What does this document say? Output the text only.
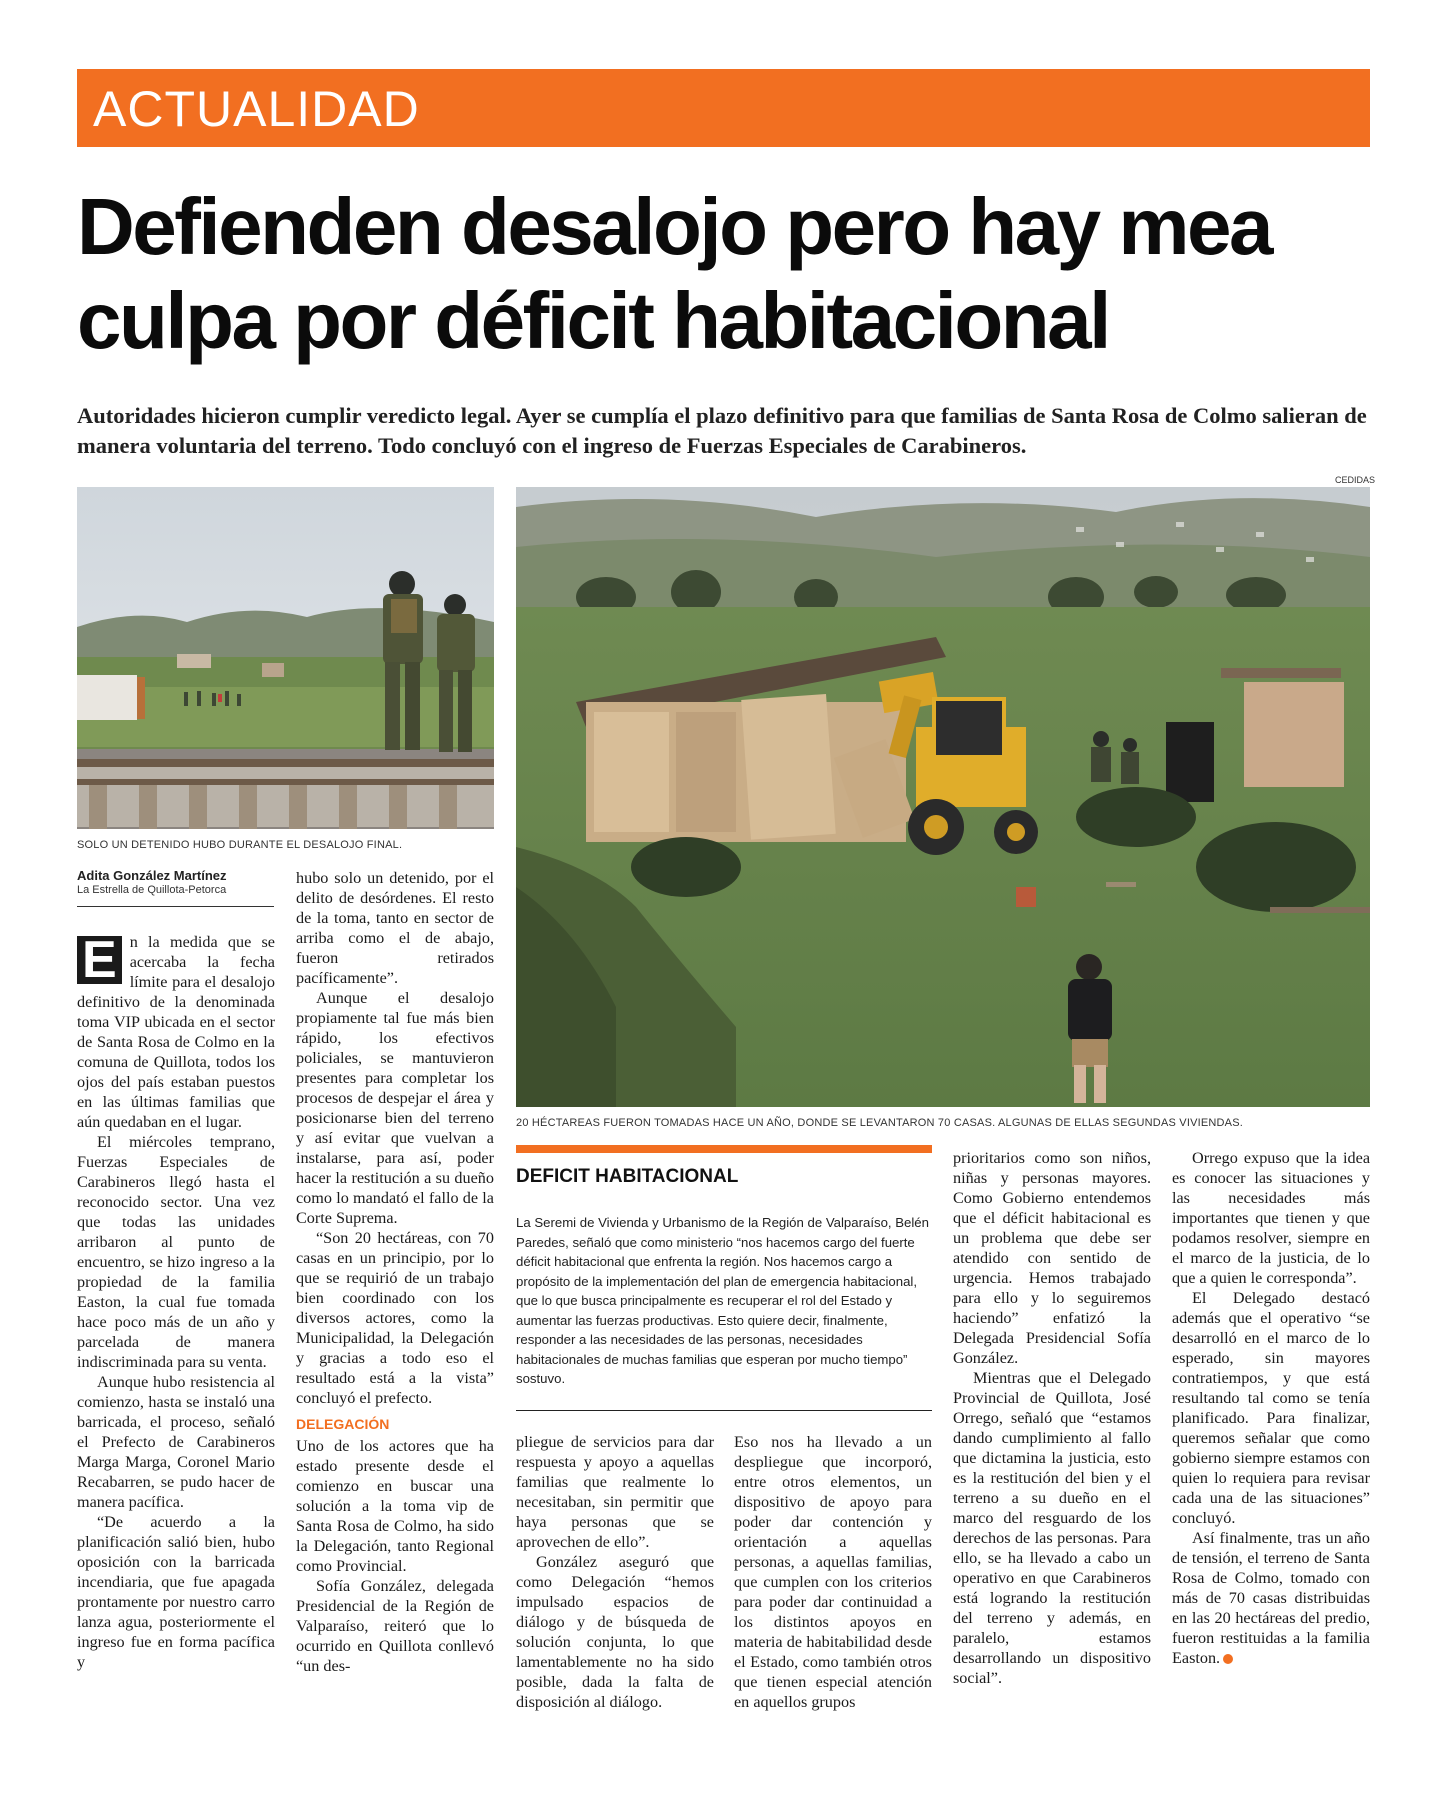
ACTUALIDAD
Defienden desalojo pero hay mea culpa por déficit habitacional
Autoridades hicieron cumplir veredicto legal. Ayer se cumplía el plazo definitivo para que familias de Santa Rosa de Colmo salieran de manera voluntaria del terreno. Todo concluyó con el ingreso de Fuerzas Especiales de Carabineros.
CEDIDAS
SOLO UN DETENIDO HUBO DURANTE EL DESALOJO FINAL.
20 HÉCTAREAS FUERON TOMADAS HACE UN AÑO, DONDE SE LEVANTARON 70 CASAS. ALGUNAS DE ELLAS SEGUNDAS VIVIENDAS.
Adita González Martínez
La Estrella de Quillota-Petorca

E n la medida que se acercaba la fecha límite para el desalojo definitivo de la denominada toma VIP ubicada en el sector de Santa Rosa de Colmo en la comuna de Quillota, todos los ojos del país estaban puestos en las últimas familias que aún quedaban en el lugar.

El miércoles temprano, Fuerzas Especiales de Carabineros llegó hasta el reconocido sector. Una vez que todas las unidades arribaron al punto de encuentro, se hizo ingreso a la propiedad de la familia Easton, la cual fue tomada hace poco más de un año y parcelada de manera indiscriminada para su venta.

Aunque hubo resistencia al comienzo, hasta se instaló una barricada, el proceso, señaló el Prefecto de Carabineros Marga Marga, Coronel Mario Recabarren, se pudo hacer de manera pacífica.

“De acuerdo a la planificación salió bien, hubo oposición con la barricada incendiaria, que fue apagada prontamente por nuestro carro lanza agua, posteriormente el ingreso fue en forma pacífica y

hubo solo un detenido, por el delito de desórdenes. El resto de la toma, tanto en sector de arriba como el de abajo, fueron retirados pacíficamente”.

Aunque el desalojo propiamente tal fue más bien rápido, los efectivos policiales, se mantuvieron presentes para completar los procesos de despejar el área y posicionarse bien del terreno y así evitar que vuelvan a instalarse, para así, poder hacer la restitución a su dueño como lo mandató el fallo de la Corte Suprema.

“Son 20 hectáreas, con 70 casas en un principio, por lo que se requirió de un trabajo bien coordinado con los diversos actores, como la Municipalidad, la Delegación y gracias a todo eso el resultado está a la vista” concluyó el prefecto.

DELEGACIÓN

Uno de los actores que ha estado presente desde el comienzo en buscar una solución a la toma vip de Santa Rosa de Colmo, ha sido la Delegación, tanto Regional como Provincial.

Sofía González, delegada Presidencial de la Región de Valparaíso, reiteró que lo ocurrido en Quillota conllevó “un des-

DEFICIT HABITACIONAL
La Seremi de Vivienda y Urbanismo de la Región de Valparaíso, Belén Paredes, señaló que como ministerio “nos hacemos cargo del fuerte déficit habitacional que enfrenta la región. Nos hacemos cargo a propósito de la implementación del plan de emergencia habitacional, que lo que busca principalmente es recuperar el rol del Estado y aumentar las fuerzas productivas. Esto quiere decir, finalmente, responder a las necesidades de las personas, necesidades habitacionales de muchas familias que esperan por mucho tiempo” sostuvo.

pliegue de servicios para dar respuesta y apoyo a aquellas familias que realmente lo necesitaban, sin permitir que haya personas que se aprovechen de ello”.

González aseguró que como Delegación “hemos impulsado espacios de diálogo y de búsqueda de solución conjunta, lo que lamentablemente no ha sido posible, dada la falta de disposición al diálogo.

Eso nos ha llevado a un despliegue que incorporó, entre otros elementos, un dispositivo de apoyo para poder dar contención y orientación a aquellas personas, a aquellas familias, que cumplen con los criterios para poder dar continuidad a los distintos apoyos en materia de habitabilidad desde el Estado, como también otros que tienen especial atención en aquellos grupos

prioritarios como son niños, niñas y personas mayores. Como Gobierno entendemos que el déficit habitacional es un problema que debe ser atendido con sentido de urgencia. Hemos trabajado para ello y lo seguiremos haciendo” enfatizó la Delegada Presidencial Sofía González.

Mientras que el Delegado Provincial de Quillota, José Orrego, señaló que “estamos dando cumplimiento al fallo que dictamina la justicia, esto es la restitución del bien y el terreno a su dueño en el marco del resguardo de los derechos de las personas. Para ello, se ha llevado a cabo un operativo en que Carabineros está logrando la restitución del terreno y además, en paralelo, estamos desarrollando un dispositivo social”.

Orrego expuso que la idea es conocer las situaciones y las necesidades más importantes que tienen y que podamos resolver, siempre en el marco de la justicia, de lo que a quien le corresponda”.

El Delegado destacó además que el operativo “se desarrolló en el marco de lo esperado, sin mayores contratiempos, y que está resultando tal como se tenía planificado. Para finalizar, queremos señalar que como gobierno siempre estamos con quien lo requiera para revisar cada una de las situaciones” concluyó.

Así finalmente, tras un año de tensión, el terreno de Santa Rosa de Colmo, tomado con más de 70 casas distribuidas en las 20 hectáreas del predio, fueron restituidas a la familia Easton.
